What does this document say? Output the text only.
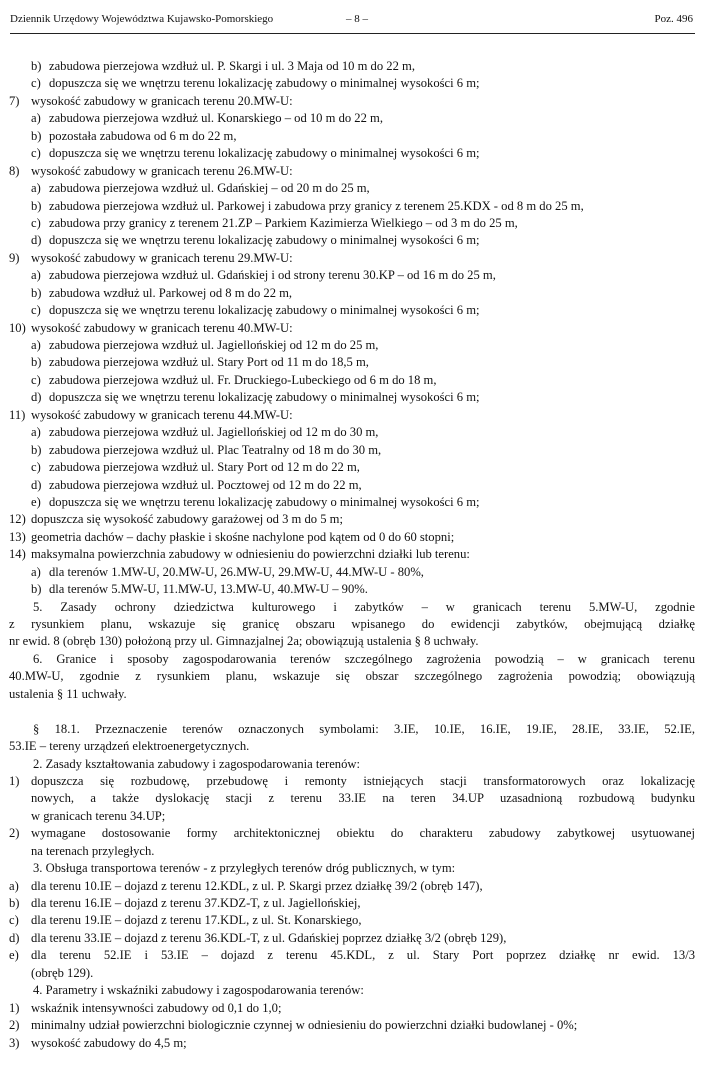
Dziennik Urzędowy Województwa Kujawsko-Pomorskiego	– 8 –	Poz. 496
b) zabudowa pierzejowa wzdłuż ul. P. Skargi i ul. 3 Maja od 10 m do 22 m,
c) dopuszcza się we wnętrzu terenu lokalizację zabudowy o minimalnej wysokości 6 m;
7) wysokość zabudowy w granicach terenu 20.MW-U:
a) zabudowa pierzejowa wzdłuż ul. Konarskiego – od 10 m do 22 m,
b) pozostała zabudowa od 6 m do 22 m,
c) dopuszcza się we wnętrzu terenu lokalizację zabudowy o minimalnej wysokości 6 m;
8) wysokość zabudowy w granicach terenu 26.MW-U:
a) zabudowa pierzejowa wzdłuż ul. Gdańskiej – od 20 m do 25 m,
b) zabudowa pierzejowa wzdłuż ul. Parkowej i zabudowa przy granicy z terenem 25.KDX - od 8 m do 25 m,
c) zabudowa przy granicy z terenem 21.ZP – Parkiem Kazimierza Wielkiego – od 3 m do 25 m,
d) dopuszcza się we wnętrzu terenu lokalizację zabudowy o minimalnej wysokości 6 m;
9) wysokość zabudowy w granicach terenu 29.MW-U:
a) zabudowa pierzejowa wzdłuż ul. Gdańskiej i od strony terenu 30.KP – od 16 m do 25 m,
b) zabudowa wzdłuż ul. Parkowej od 8 m do 22 m,
c) dopuszcza się we wnętrzu terenu lokalizację zabudowy o minimalnej wysokości 6 m;
10) wysokość zabudowy w granicach terenu 40.MW-U:
a) zabudowa pierzejowa wzdłuż ul. Jagiellońskiej od 12 m do 25 m,
b) zabudowa pierzejowa wzdłuż ul. Stary Port od 11 m do 18,5 m,
c) zabudowa pierzejowa wzdłuż ul. Fr. Druckiego-Lubeckiego od 6 m do 18 m,
d) dopuszcza się we wnętrzu terenu lokalizację zabudowy o minimalnej wysokości 6 m;
11) wysokość zabudowy w granicach terenu 44.MW-U:
a) zabudowa pierzejowa wzdłuż ul. Jagiellońskiej od 12 m do 30 m,
b) zabudowa pierzejowa wzdłuż ul. Plac Teatralny od 18 m do 30 m,
c) zabudowa pierzejowa wzdłuż ul. Stary Port od 12 m do 22 m,
d) zabudowa pierzejowa wzdłuż ul. Pocztowej od 12 m do 22 m,
e) dopuszcza się we wnętrzu terenu lokalizację zabudowy o minimalnej wysokości 6 m;
12) dopuszcza się wysokość zabudowy garażowej od 3 m do 5 m;
13) geometria dachów – dachy płaskie i skośne nachylone pod kątem od 0 do 60 stopni;
14) maksymalna powierzchnia zabudowy w odniesieniu do powierzchni działki lub terenu:
a) dla terenów 1.MW-U, 20.MW-U, 26.MW-U, 29.MW-U, 44.MW-U - 80%,
b) dla terenów 5.MW-U, 11.MW-U, 13.MW-U, 40.MW-U – 90%.
5. Zasady ochrony dziedzictwa kulturowego i zabytków – w granicach terenu 5.MW-U, zgodnie
z rysunkiem planu, wskazuje się granicę obszaru wpisanego do ewidencji zabytków, obejmującą działkę
nr ewid. 8 (obręb 130) położoną przy ul. Gimnazjalnej 2a; obowiązują ustalenia § 8 uchwały.
6. Granice i sposoby zagospodarowania terenów szczególnego zagrożenia powodzią – w granicach terenu
40.MW-U, zgodnie z rysunkiem planu, wskazuje się obszar szczególnego zagrożenia powodzią; obowiązują
ustalenia § 11 uchwały.
§ 18.1. Przeznaczenie terenów oznaczonych symbolami: 3.IE, 10.IE, 16.IE, 19.IE, 28.IE, 33.IE, 52.IE,
53.IE – tereny urządzeń elektroenergetycznych.
2. Zasady kształtowania zabudowy i zagospodarowania terenów:
1) dopuszcza się rozbudowę, przebudowę i remonty istniejących stacji transformatorowych oraz lokalizację
nowych, a także dyslokację stacji z terenu 33.IE na teren 34.UP uzasadnioną rozbudową budynku
w granicach terenu 34.UP;
2) wymagane dostosowanie formy architektonicznej obiektu do charakteru zabudowy zabytkowej usytuowanej
na terenach przyległych.
3. Obsługa transportowa terenów - z przyległych terenów dróg publicznych, w tym:
a) dla terenu 10.IE – dojazd z terenu 12.KDL, z ul. P. Skargi przez działkę 39/2 (obręb 147),
b) dla terenu 16.IE – dojazd z terenu 37.KDZ-T, z ul. Jagiellońskiej,
c) dla terenu 19.IE – dojazd z terenu 17.KDL, z ul. St. Konarskiego,
d) dla terenu 33.IE – dojazd z terenu 36.KDL-T, z ul. Gdańskiej poprzez działkę 3/2 (obręb 129),
e) dla terenu 52.IE i 53.IE – dojazd z terenu 45.KDL, z ul. Stary Port poprzez działkę nr ewid. 13/3
(obręb 129).
4. Parametry i wskaźniki zabudowy i zagospodarowania terenów:
1) wskaźnik intensywności zabudowy od 0,1 do 1,0;
2) minimalny udział powierzchni biologicznie czynnej w odniesieniu do powierzchni działki budowlanej - 0%;
3) wysokość zabudowy do 4,5 m;
